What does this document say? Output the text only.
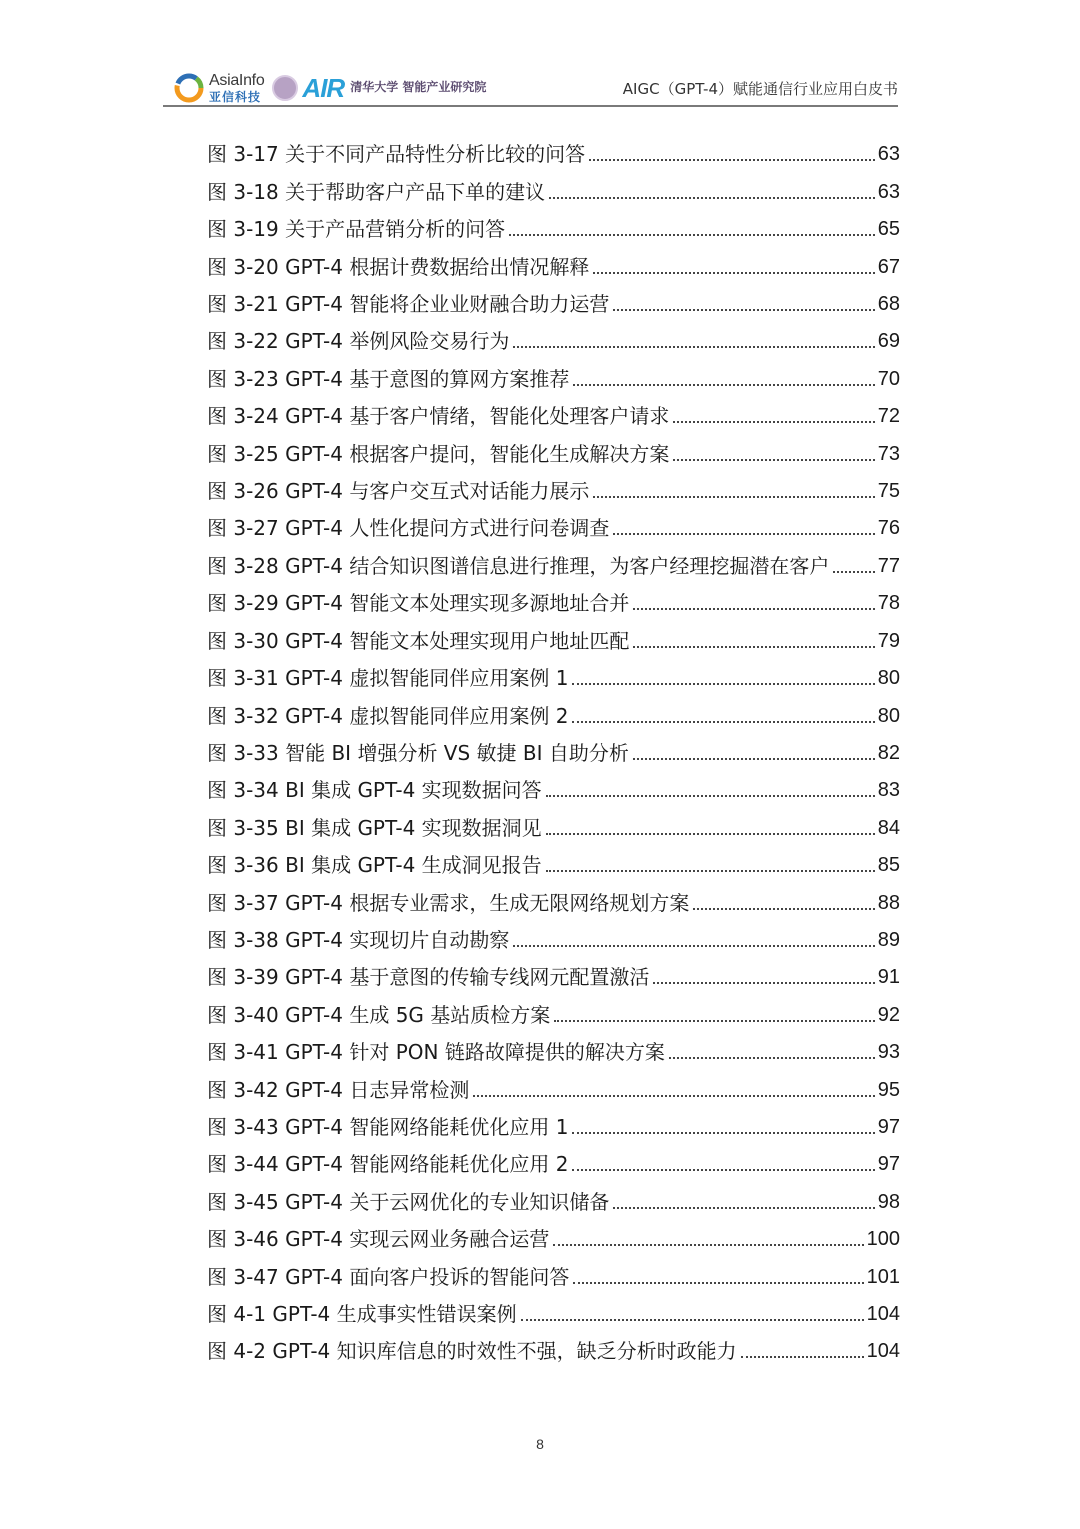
AsiaInfo
亚信科技 AIR 清华大学 智能产业研究院	AIGC（GPT-4）赋能通信行业应用白皮书
图 3-17 关于不同产品特性分析比较的问答	63
图 3-18 关于帮助客户产品下单的建议	63
图 3-19 关于产品营销分析的问答	65
图 3-20 GPT-4 根据计费数据给出情况解释	67
图 3-21 GPT-4 智能将企业业财融合助力运营	68
图 3-22 GPT-4 举例风险交易行为	69
图 3-23 GPT-4 基于意图的算网方案推荐	70
图 3-24 GPT-4 基于客户情绪，智能化处理客户请求	72
图 3-25 GPT-4 根据客户提问，智能化生成解决方案	73
图 3-26 GPT-4 与客户交互式对话能力展示	75
图 3-27 GPT-4 人性化提问方式进行问卷调查	76
图 3-28 GPT-4 结合知识图谱信息进行推理，为客户经理挖掘潜在客户 77
图 3-29 GPT-4 智能文本处理实现多源地址合并	78
图 3-30 GPT-4 智能文本处理实现用户地址匹配	79
图 3-31 GPT-4 虚拟智能同伴应用案例 1	80
图 3-32 GPT-4 虚拟智能同伴应用案例 2	80
图 3-33 智能 BI 增强分析 VS 敏捷 BI 自助分析	82
图 3-34 BI 集成 GPT-4 实现数据问答	83
图 3-35 BI 集成 GPT-4 实现数据洞见	84
图 3-36 BI 集成 GPT-4 生成洞见报告	85
图 3-37 GPT-4 根据专业需求，生成无限网络规划方案	88
图 3-38 GPT-4 实现切片自动勘察	89
图 3-39 GPT-4 基于意图的传输专线网元配置激活	91
图 3-40 GPT-4 生成 5G 基站质检方案	92
图 3-41 GPT-4 针对 PON 链路故障提供的解决方案	93
图 3-42 GPT-4 日志异常检测	95
图 3-43 GPT-4 智能网络能耗优化应用 1	97
图 3-44 GPT-4 智能网络能耗优化应用 2	97
图 3-45 GPT-4 关于云网优化的专业知识储备	98
图 3-46 GPT-4 实现云网业务融合运营	100
图 3-47 GPT-4 面向客户投诉的智能问答	101
图 4-1 GPT-4 生成事实性错误案例	104
图 4-2 GPT-4 知识库信息的时效性不强，缺乏分析时政能力	104
8
